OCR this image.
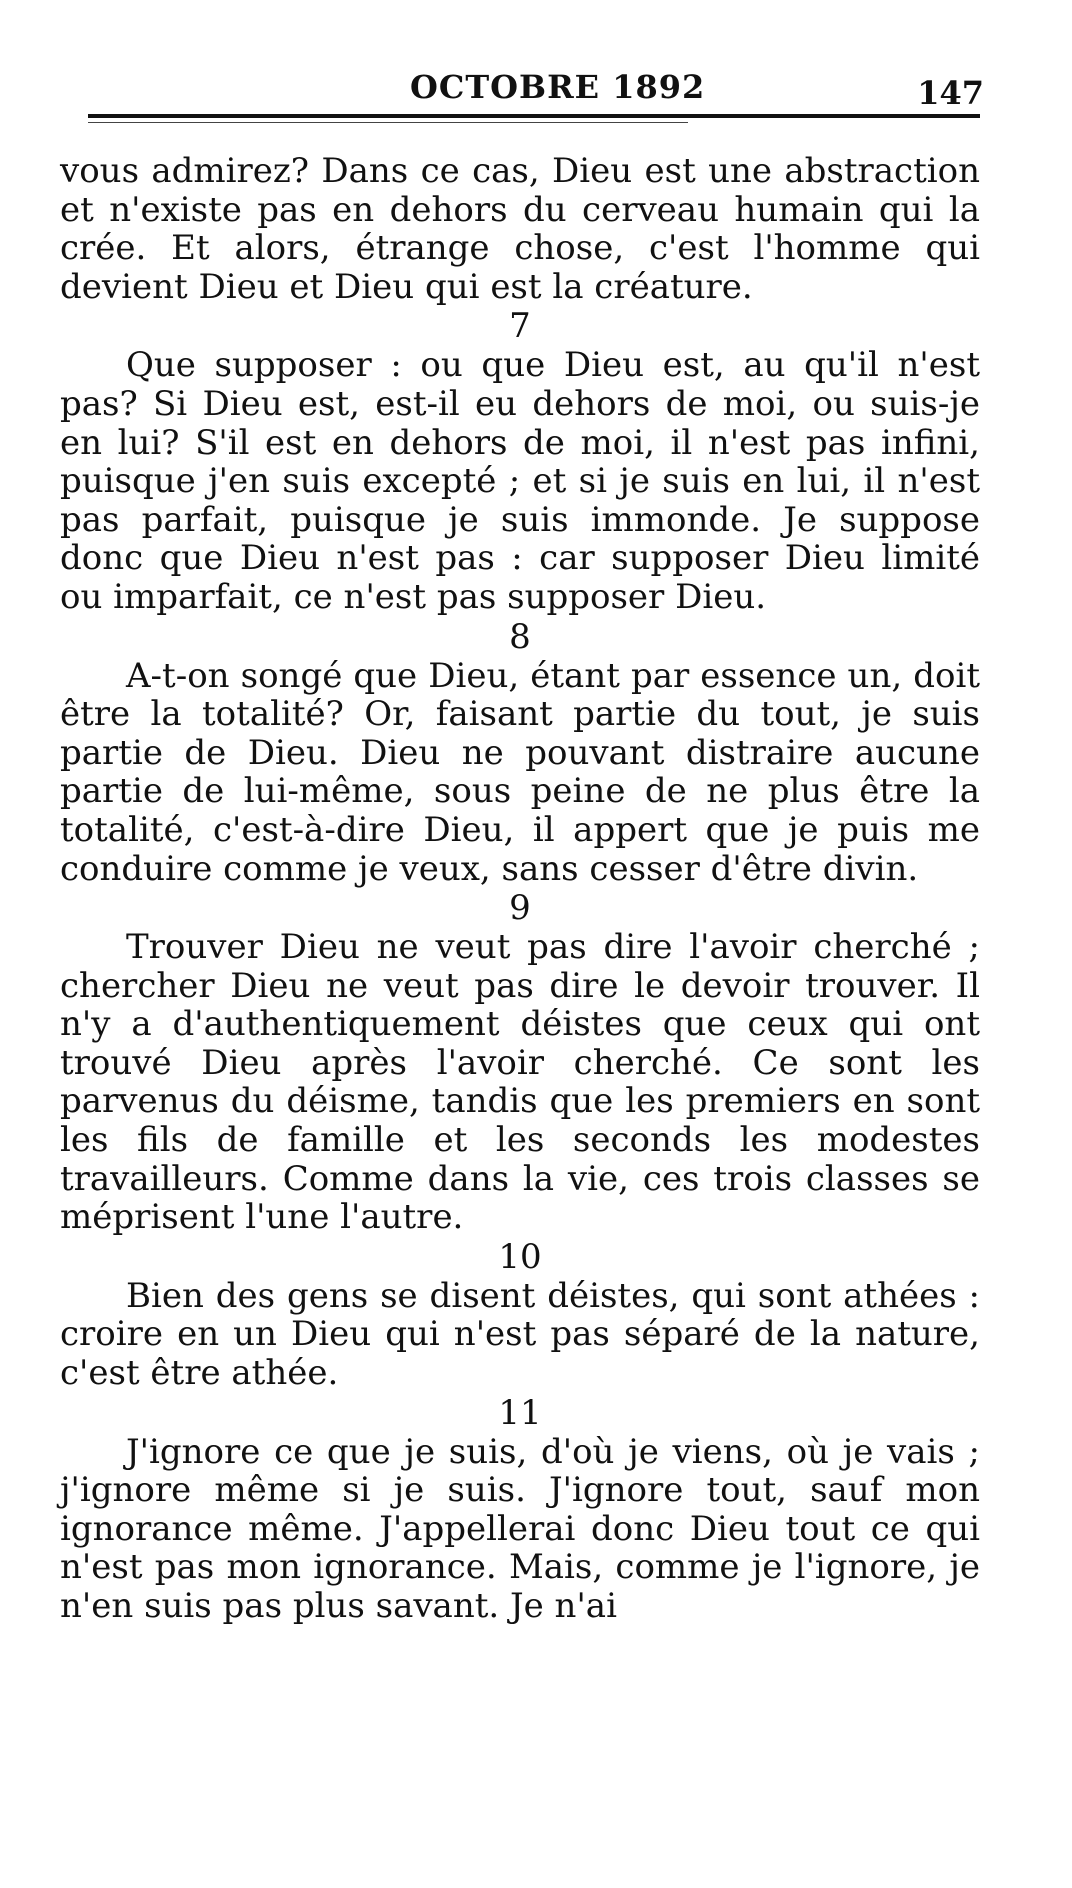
OCTOBRE 1892	147

vous admirez? Dans ce cas, Dieu est une abstraction et n'existe pas en dehors du cerveau humain qui la crée. Et alors, étrange chose, c'est l'homme qui devient Dieu et Dieu qui est la créature.

7

Que supposer : ou que Dieu est, au qu'il n'est pas? Si Dieu est, est-il eu dehors de moi, ou suis-je en lui? S'il est en dehors de moi, il n'est pas infini, puisque j'en suis excepté ; et si je suis en lui, il n'est pas parfait, puisque je suis immonde. Je suppose donc que Dieu n'est pas : car supposer Dieu limité ou imparfait, ce n'est pas supposer Dieu.

8

A-t-on songé que Dieu, étant par essence un, doit être la totalité? Or, faisant partie du tout, je suis partie de Dieu. Dieu ne pouvant distraire aucune partie de lui-même, sous peine de ne plus être la totalité, c'est-à-dire Dieu, il appert que je puis me conduire comme je veux, sans cesser d'être divin.

9

Trouver Dieu ne veut pas dire l'avoir cherché ; chercher Dieu ne veut pas dire le devoir trouver. Il n'y a d'authentiquement déistes que ceux qui ont trouvé Dieu après l'avoir cherché. Ce sont les parvenus du déisme, tandis que les premiers en sont les fils de famille et les seconds les modestes travailleurs. Comme dans la vie, ces trois classes se méprisent l'une l'autre.

10

Bien des gens se disent déistes, qui sont athées : croire en un Dieu qui n'est pas séparé de la nature, c'est être athée.

11

J'ignore ce que je suis, d'où je viens, où je vais ; j'ignore même si je suis. J'ignore tout, sauf mon ignorance même. J'appellerai donc Dieu tout ce qui n'est pas mon ignorance. Mais, comme je l'ignore, je n'en suis pas plus savant. Je n'ai
